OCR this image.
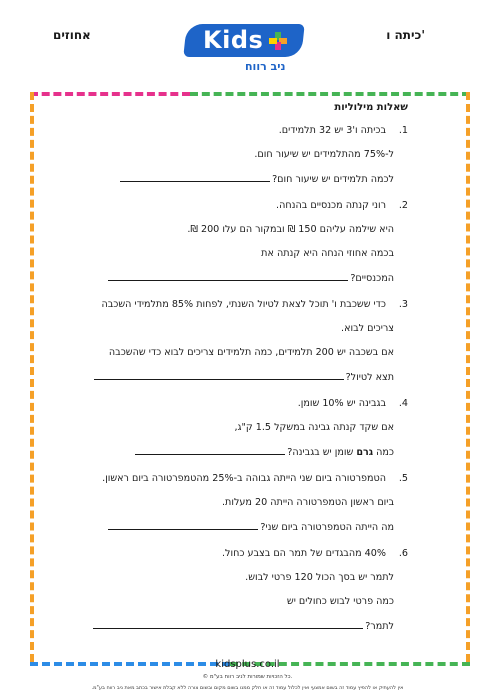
אחוזים	כיתה ו'
Kids
ניב רווח
שאלות מילוליות
1.
בכיתה ו'3 יש 32 תלמידים.
ל-75% מהתלמידים יש שיעור חום.
לכמה תלמידים יש שיעור חום?
2.
רוני קנתה מכנסיים בהנחה.
היא שילמה עליהם 150 ₪ ובמקור הם עלו 200 ₪.
בכמה אחוזי הנחה היא קנתה את
המכנסיים?
3.
כדי ששכבת ו' תוכל לצאת לטיול השנתי, לפחות 85% מתלמידי השכבה
צריכים לבוא.
אם בשכבה יש 200 תלמידים, כמה תלמידים צריכים לבוא כדי שהשכבה
תצא לטיול?
4.
בגבינה יש 10% שומן.
אם שקד קנתה גבינה במשקל 1.5 ק"ג,
כמה גרם שומן יש בגבינה?
5.
הטמפרטורה ביום שני הייתה גבוהה ב-25% מהטמפרטורה ביום ראשון.
ביום ראשון הטמפרטורה הייתה 20 מעלות.
מה הייתה הטמפרטורה ביום שני?
6.
40% מהבגדים של תמר הם בצבע כחול.
לתמר יש בסך הכול 120 פרטי לבוש.
כמה פרטי לבוש כחולים יש
לתמר?
kidsplus.co.il
© כל הזכויות שמורות לניב רווח בע"מ.
אין להעתיק או להפיץ עמוד זה בשום אמצעי ואין לכלול עמוד זה או חלק ממנו בשום מקום ובשום צורה ללא קבלת אישור בכתב מאת ניב רווח בע"מ.
